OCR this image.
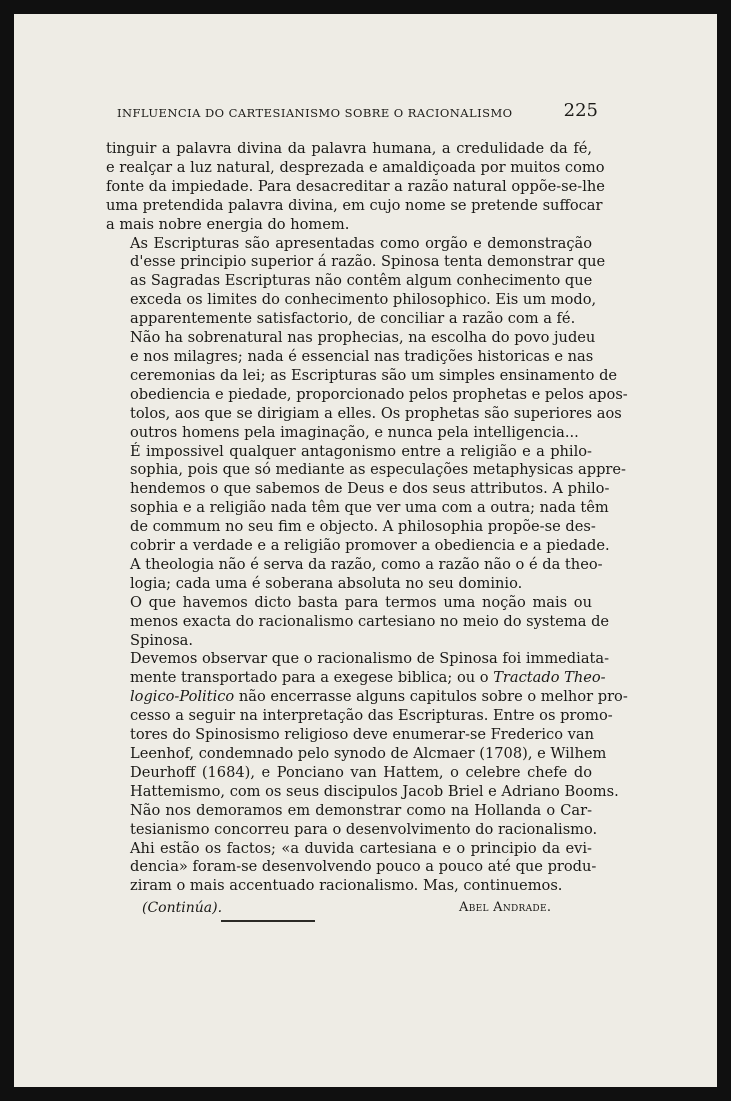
INFLUENCIA DO CARTESIANISMO SOBRE O RACIONALISMO	225

tinguir a palavra divina da palavra humana, a credulidade da fé,
e realçar a luz natural, desprezada e amaldiçoada por muitos como
fonte da impiedade. Para desacreditar a razão natural oppõe-se-lhe
uma pretendida palavra divina, em cujo nome se pretende suffocar
a mais nobre energia do homem.

As Escripturas são apresentadas como orgão e demonstração
d'esse principio superior á razão. Spinosa tenta demonstrar que
as Sagradas Escripturas não contêm algum conhecimento que
exceda os limites do conhecimento philosophico. Eis um modo,
apparentemente satisfactorio, de conciliar a razão com a fé.

Não ha sobrenatural nas prophecias, na escolha do povo judeu
e nos milagres; nada é essencial nas tradições historicas e nas
ceremonias da lei; as Escripturas são um simples ensinamento de
obediencia e piedade, proporcionado pelos prophetas e pelos apos-
tolos, aos que se dirigiam a elles. Os prophetas são superiores aos
outros homens pela imaginação, e nunca pela intelligencia...

É impossivel qualquer antagonismo entre a religião e a philo-
sophia, pois que só mediante as especulações metaphysicas appre-
hendemos o que sabemos de Deus e dos seus attributos. A philo-
sophia e a religião nada têm que ver uma com a outra; nada têm
de commum no seu fim e objecto. A philosophia propõe-se des-
cobrir a verdade e a religião promover a obediencia e a piedade.
A theologia não é serva da razão, como a razão não o é da theo-
logia; cada uma é soberana absoluta no seu dominio.

O que havemos dicto basta para termos uma noção mais ou
menos exacta do racionalismo cartesiano no meio do systema de
Spinosa.

Devemos observar que o racionalismo de Spinosa foi immediata-
mente transportado para a exegese biblica; ou o Tractado Theo-
logico-Politico não encerrasse alguns capitulos sobre o melhor pro-
cesso a seguir na interpretação das Escripturas. Entre os promo-
tores do Spinosismo religioso deve enumerar-se Frederico van
Leenhof, condemnado pelo synodo de Alcmaer (1708), e Wilhem
Deurhoff (1684), e Ponciano van Hattem, o celebre chefe do
Hattemismo, com os seus discipulos Jacob Briel e Adriano Booms.

Não nos demoramos em demonstrar como na Hollanda o Car-
tesianismo concorreu para o desenvolvimento do racionalismo.
Ahi estão os factos; «a duvida cartesiana e o principio da evi-
dencia» foram-se desenvolvendo pouco a pouco até que produ-
ziram o mais accentuado racionalismo. Mas, continuemos.

(Continúa).	Abel Andrade.
